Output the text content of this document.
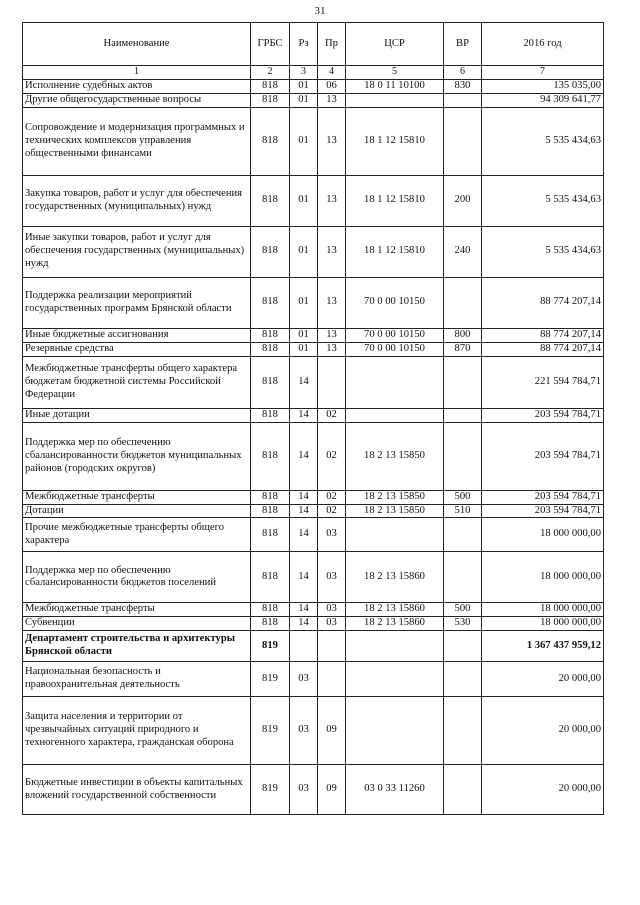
31
Наименование	ГРБС	Рз	Пр	ЦСР	ВР	2016 год
1	2	3	4	5	6	7
Исполнение судебных актов	818	01	06	18 0 11 10100	830	135 035,00
Другие общегосударственные вопросы	818	01	13			94 309 641,77
Сопровождение и модернизация программных и технических комплексов управления общественными финансами	818	01	13	18 1 12 15810		5 535 434,63
Закупка товаров, работ и услуг для обеспечения государственных (муниципальных) нужд	818	01	13	18 1 12 15810	200	5 535 434,63
Иные закупки товаров, работ и услуг для обеспечения государственных (муниципальных) нужд	818	01	13	18 1 12 15810	240	5 535 434,63
Поддержка реализации мероприятий государственных программ Брянской области	818	01	13	70 0 00 10150		88 774 207,14
Иные бюджетные ассигнования	818	01	13	70 0 00 10150	800	88 774 207,14
Резервные средства	818	01	13	70 0 00 10150	870	88 774 207,14
Межбюджетные трансферты общего характера бюджетам бюджетной системы Российской Федерации	818	14				221 594 784,71
Иные дотации	818	14	02			203 594 784,71
Поддержка мер по обеспечению сбалансированности бюджетов муниципальных районов (городских округов)	818	14	02	18 2 13 15850		203 594 784,71
Межбюджетные трансферты	818	14	02	18 2 13 15850	500	203 594 784,71
Дотации	818	14	02	18 2 13 15850	510	203 594 784,71
Прочие межбюджетные трансферты общего характера	818	14	03			18 000 000,00
Поддержка мер по обеспечению сбалансированности бюджетов поселений	818	14	03	18 2 13 15860		18 000 000,00
Межбюджетные трансферты	818	14	03	18 2 13 15860	500	18 000 000,00
Субвенции	818	14	03	18 2 13 15860	530	18 000 000,00
Департамент строительства и архитектуры Брянской области	819					1 367 437 959,12
Национальная безопасность и правоохранительная деятельность	819	03				20 000,00
Защита населения и территории от чрезвычайных ситуаций природного и техногенного характера, гражданская оборона	819	03	09			20 000,00
Бюджетные инвестиции в объекты капитальных вложений государственной собственности	819	03	09	03 0 33 11260		20 000,00
